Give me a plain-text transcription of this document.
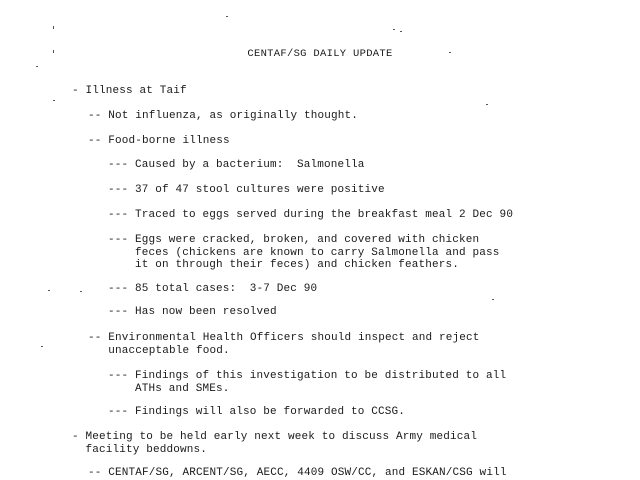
CENTAF/SG DAILY UPDATE
- Illness at Taif
-- Not influenza, as originally thought.
-- Food-borne illness
--- Caused by a bacterium:  Salmonella
--- 37 of 47 stool cultures were positive
--- Traced to eggs served during the breakfast meal 2 Dec 90
--- Eggs were cracked, broken, and covered with chicken
feces (chickens are known to carry Salmonella and pass
it on through their feces) and chicken feathers.
--- 85 total cases:  3-7 Dec 90
--- Has now been resolved
-- Environmental Health Officers should inspect and reject
unacceptable food.
--- Findings of this investigation to be distributed to all
ATHs and SMEs.
--- Findings will also be forwarded to CCSG.
- Meeting to be held early next week to discuss Army medical
facility beddowns.
-- CENTAF/SG, ARCENT/SG, AECC, 4409 OSW/CC, and ESKAN/CSG will
